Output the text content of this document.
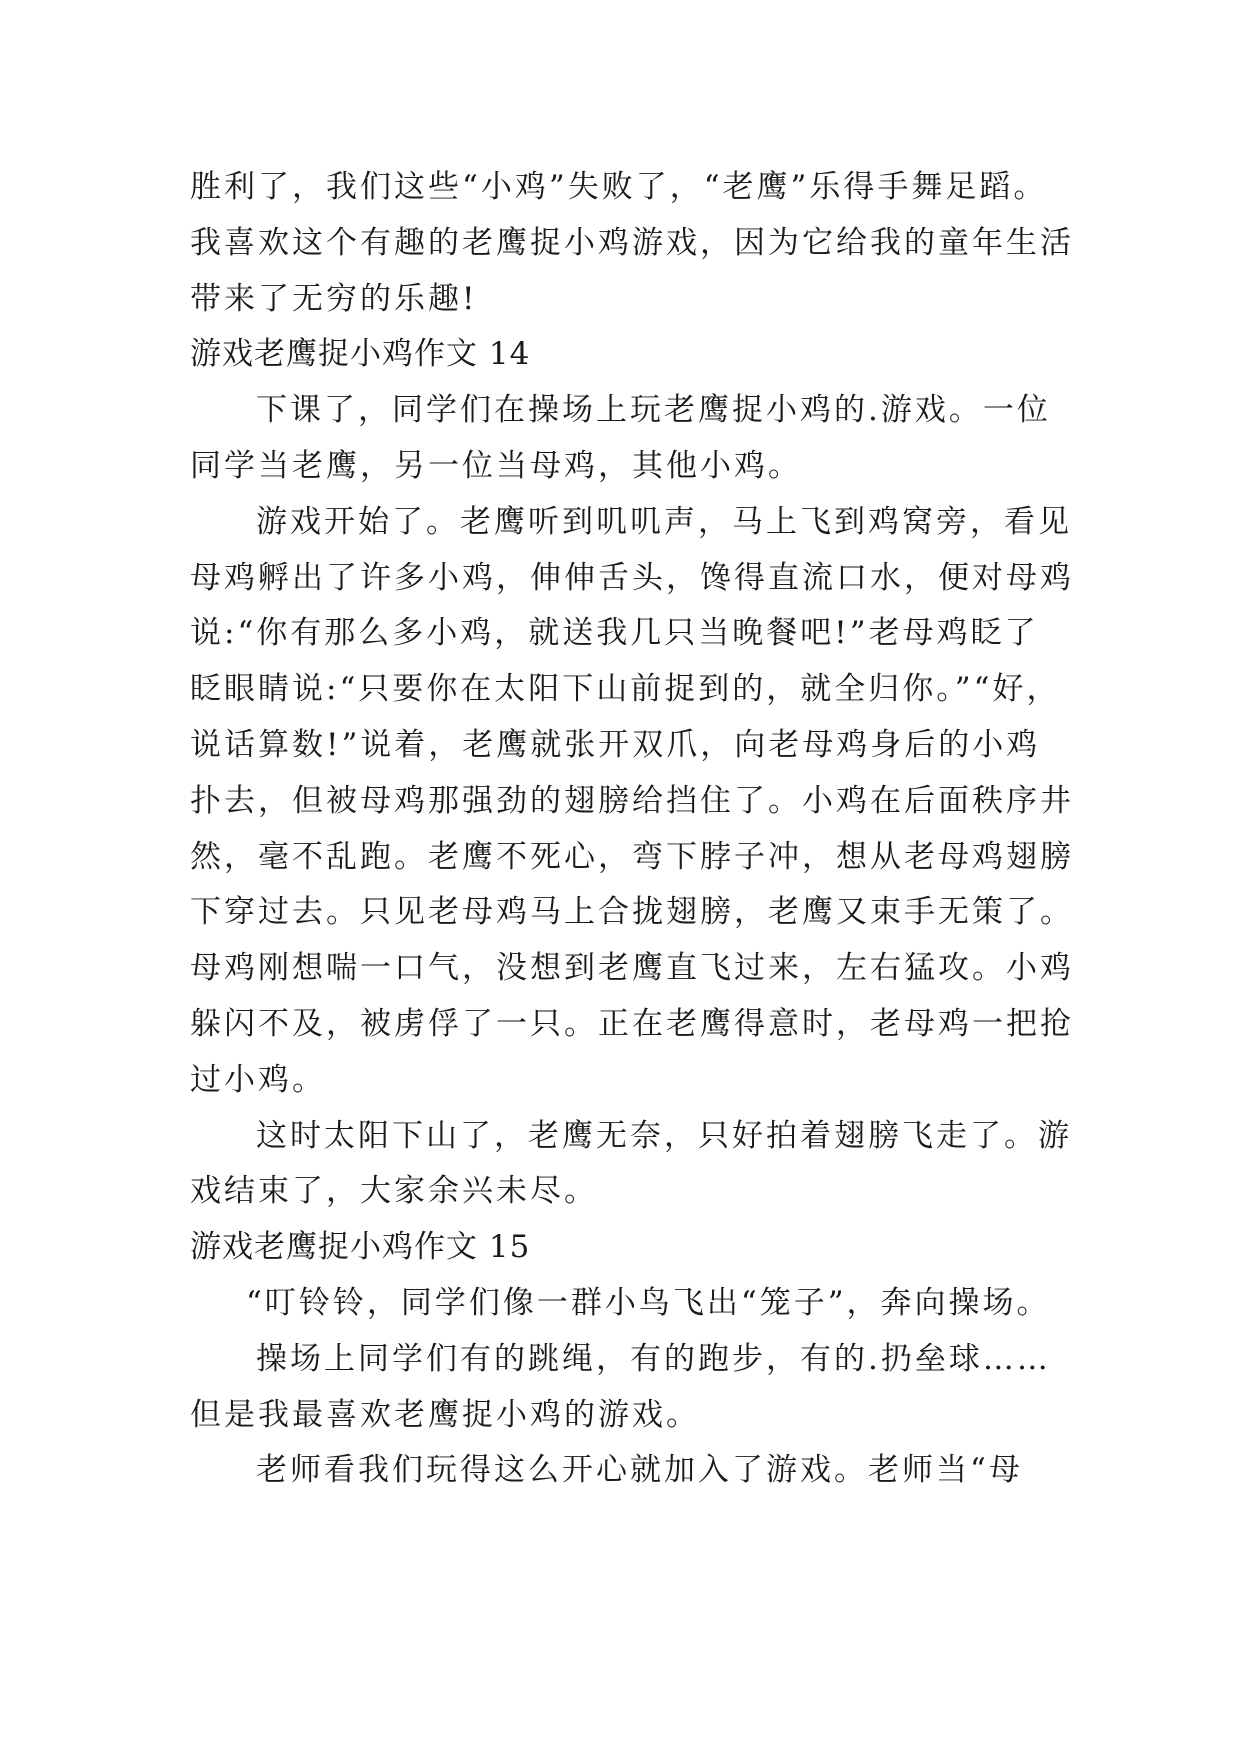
胜利了，我们这些“小鸡”失败了，“老鹰”乐得手舞足蹈。
我喜欢这个有趣的老鹰捉小鸡游戏，因为它给我的童年生活
带来了无穷的乐趣!
游戏老鹰捉小鸡作文 14
下课了，同学们在操场上玩老鹰捉小鸡的.游戏。一位
同学当老鹰，另一位当母鸡，其他小鸡。
游戏开始了。老鹰听到叽叽声，马上飞到鸡窝旁，看见
母鸡孵出了许多小鸡，伸伸舌头，馋得直流口水，便对母鸡
说:“你有那么多小鸡，就送我几只当晚餐吧!”老母鸡眨了
眨眼睛说:“只要你在太阳下山前捉到的，就全归你。”“好，
说话算数!”说着，老鹰就张开双爪，向老母鸡身后的小鸡
扑去，但被母鸡那强劲的翅膀给挡住了。小鸡在后面秩序井
然，毫不乱跑。老鹰不死心，弯下脖子冲，想从老母鸡翅膀
下穿过去。只见老母鸡马上合拢翅膀，老鹰又束手无策了。
母鸡刚想喘一口气，没想到老鹰直飞过来，左右猛攻。小鸡
躲闪不及，被虏俘了一只。正在老鹰得意时，老母鸡一把抢
过小鸡。
这时太阳下山了，老鹰无奈，只好拍着翅膀飞走了。游
戏结束了，大家余兴未尽。
游戏老鹰捉小鸡作文 15
“叮铃铃，同学们像一群小鸟飞出“笼子”，奔向操场。
操场上同学们有的跳绳，有的跑步，有的.扔垒球……
但是我最喜欢老鹰捉小鸡的游戏。
老师看我们玩得这么开心就加入了游戏。老师当“母
